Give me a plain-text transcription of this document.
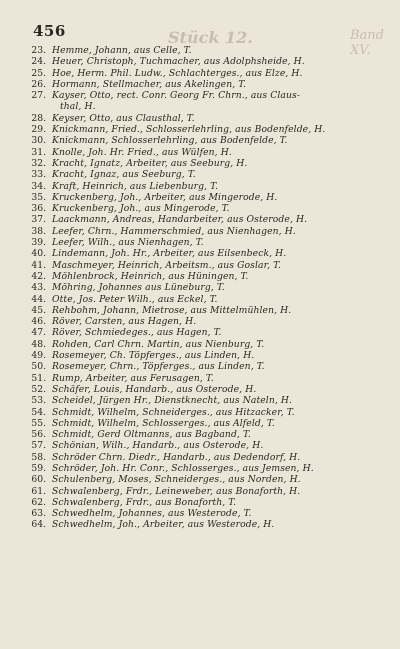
456	Stück 12.	Band XV.
23. Hemme, Johann, aus Celle, T.
24. Heuer, Christoph, Tuchmacher, aus Adolphsheide, H.
25. Hoe, Herm. Phil. Ludw., Schlachterges., aus Elze, H.
26. Hormann, Stellmacher, aus Akelingen, T.
27. Kayser, Otto, rect. Conr. Georg Fr. Chrn., aus Claus-
thal, H.
28. Keyser, Otto, aus Clausthal, T.
29. Knickmann, Fried., Schlosserlehrling, aus Bodenfelde, H.
30. Knickmann, Schlosserlehrling, aus Bodenfelde, T.
31. Knolle, Joh. Hr. Fried., aus Wülfen, H.
32. Kracht, Ignatz, Arbeiter, aus Seeburg, H.
33. Kracht, Ignaz, aus Seeburg, T.
34. Kraft, Heinrich, aus Liebenburg, T.
35. Kruckenberg, Joh., Arbeiter, aus Mingerode, H.
36. Kruckenberg, Joh., aus Mingerode, T.
37. Laackmann, Andreas, Handarbeiter, aus Osterode, H.
38. Leefer, Chrn., Hammerschmied, aus Nienhagen, H.
39. Leefer, Wilh., aus Nienhagen, T.
40. Lindemann, Joh. Hr., Arbeiter, aus Eilsenbeck, H.
41. Maschmeyer, Heinrich, Arbeitsm., aus Goslar, T.
42. Möhlenbrock, Heinrich, aus Hüningen, T.
43. Möhring, Johannes aus Lüneburg, T.
44. Otte, Jos. Peter Wilh., aus Eckel, T.
45. Rehbohm, Johann, Mietrose, aus Mittelmühlen, H.
46. Röver, Carsten, aus Hagen, H.
47. Röver, Schmiedeges., aus Hagen, T.
48. Rohden, Carl Chrn. Martin, aus Nienburg, T.
49. Rosemeyer, Ch. Töpferges., aus Linden, H.
50. Rosemeyer, Chrn., Töpferges., aus Linden, T.
51. Rump, Arbeiter, aus Ferusagen, T.
52. Schäfer, Louis, Handarb., aus Osterode, H.
53. Scheidel, Jürgen Hr., Dienstknecht, aus Nateln, H.
54. Schmidt, Wilhelm, Schneiderges., aus Hitzacker, T.
55. Schmidt, Wilhelm, Schlosserges., aus Alfeld, T.
56. Schmidt, Gerd Oltmanns, aus Bagband, T.
57. Schönian, Wilh., Handarb., aus Osterode, H.
58. Schröder Chrn. Diedr., Handarb., aus Dedendorf, H.
59. Schröder, Joh. Hr. Conr., Schlosserges., aus Jemsen, H.
60. Schulenberg, Moses, Schneiderges., aus Norden, H.
61. Schwalenberg, Frdr., Leineweber, aus Bonaforth, H.
62. Schwalenberg, Frdr., aus Bonaforth, T.
63. Schwedhelm, Johannes, aus Westerode, T.
64. Schwedhelm, Joh., Arbeiter, aus Westerode, H.
